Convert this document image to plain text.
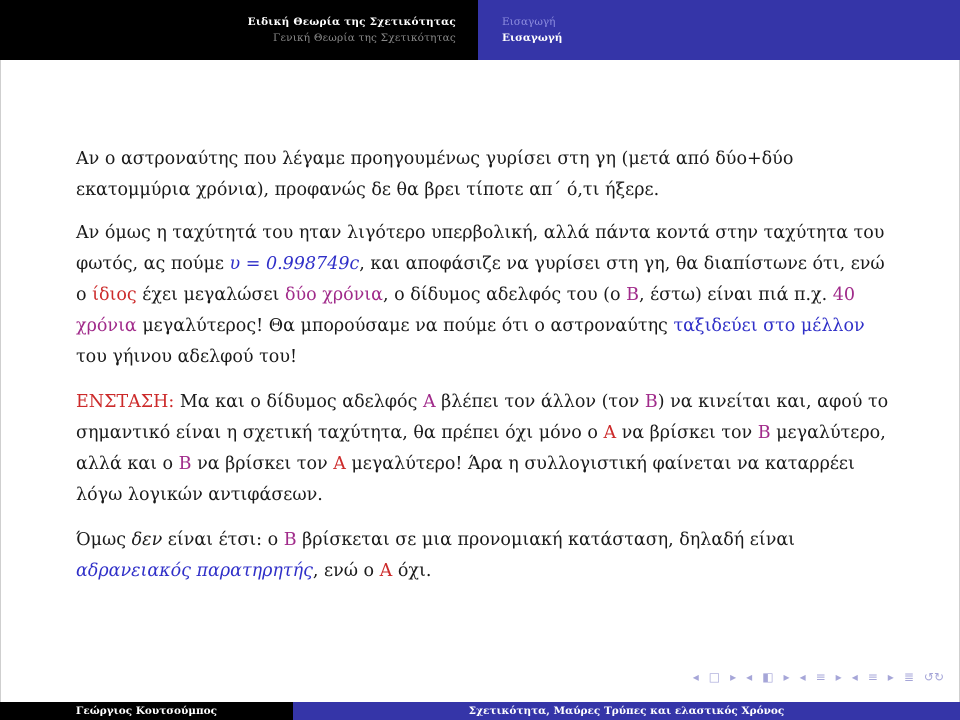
Ειδική Θεωρία της Σχετικότητας
Γενική Θεωρία της Σχετικότητας
Εισαγωγή
Εισαγωγή

Αν ο αστροναύτης που λέγαμε προηγουμένως γυρίσει στη γη (μετά από δύο+δύο εκατομμύρια χρόνια), προφανώς δε θα βρει τίποτε απ΄ ό,τι ήξερε.

Αν όμως η ταχύτητά του ηταν λιγότερο υπερβολική, αλλά πάντα κοντά στην ταχύτητα του φωτός, ας πούμε υ = 0.998749c, και αποφάσιζε να γυρίσει στη γη, θα διαπίστωνε ότι, ενώ ο ίδιος έχει μεγαλώσει δύο χρόνια, ο δίδυμος αδελφός του (ο Β, έστω) είναι πιά π.χ. 40 χρόνια μεγαλύτερος! Θα μπορούσαμε να πούμε ότι ο αστροναύτης ταξιδεύει στο μέλλον του γήινου αδελφού του!

ΕΝΣΤΑΣΗ: Μα και ο δίδυμος αδελφός Α βλέπει τον άλλον (τον Β) να κινείται και, αφού το σημαντικό είναι η σχετική ταχύτητα, θα πρέπει όχι μόνο ο Α να βρίσκει τον Β μεγαλύτερο, αλλά και ο Β να βρίσκει τον Α μεγαλύτερο! Άρα η συλλογιστική φαίνεται να καταρρέει λόγω λογικών αντιφάσεων.

Όμως δεν είναι έτσι: ο Β βρίσκεται σε μια προνομιακή κατάσταση, δηλαδή είναι αδρανειακός παρατηρητής, ενώ ο Α όχι.

◂ □ ▸ ◂ ◧ ▸ ◂ ≡ ▸ ◂ ≡ ▸ ≣ ↺↻
Γεώργιος Κουτσούμπος	Σχετικότητα, Μαύρες Τρύπες και ελαστικός Χρόνος
